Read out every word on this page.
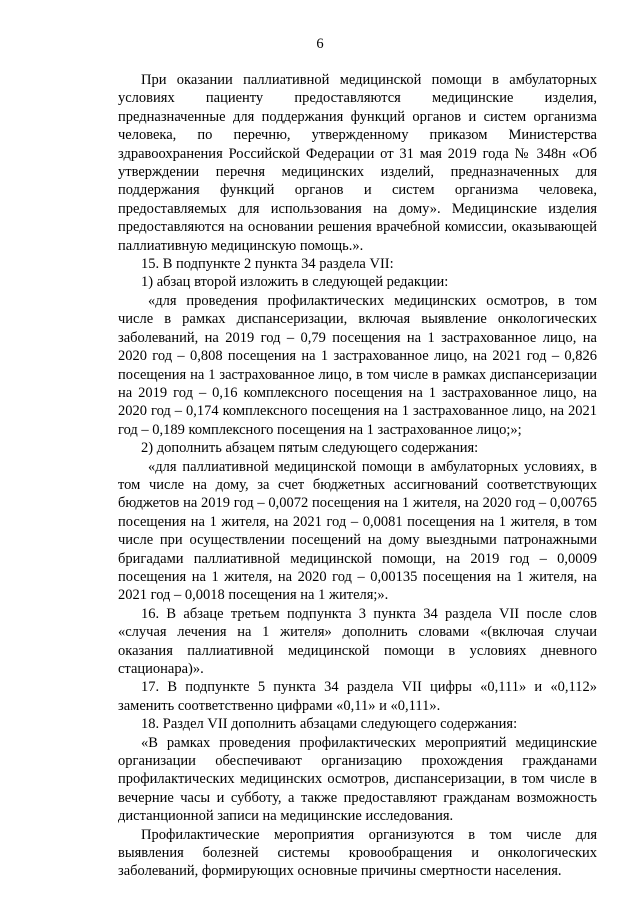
6

При оказании паллиативной медицинской помощи в амбулаторных условиях пациенту предоставляются медицинские изделия, предназначенные для поддержания функций органов и систем организма человека, по перечню, утвержденному приказом Министерства здравоохранения Российской Федерации от 31 мая 2019 года № 348н «Об утверждении перечня медицинских изделий, предназначенных для поддержания функций органов и систем организма человека, предоставляемых для использования на дому». Медицинские изделия предоставляются на основании решения врачебной комиссии, оказывающей паллиативную медицинскую помощь.».

15. В подпункте 2 пункта 34 раздела VII:

1) абзац второй изложить в следующей редакции:

«для проведения профилактических медицинских осмотров, в том числе в рамках диспансеризации, включая выявление онкологических заболеваний, на 2019 год – 0,79 посещения на 1 застрахованное лицо, на 2020 год – 0,808 посещения на 1 застрахованное лицо, на 2021 год – 0,826 посещения на 1 застрахованное лицо, в том числе в рамках диспансеризации на 2019 год – 0,16 комплексного посещения на 1 застрахованное лицо, на 2020 год – 0,174 комплексного посещения на 1 застрахованное лицо, на 2021 год – 0,189 комплексного посещения на 1 застрахованное лицо;»;

2) дополнить абзацем пятым следующего содержания:

«для паллиативной медицинской помощи в амбулаторных условиях, в том числе на дому, за счет бюджетных ассигнований соответствующих бюджетов на 2019 год – 0,0072 посещения на 1 жителя, на 2020 год – 0,00765 посещения на 1 жителя, на 2021 год – 0,0081 посещения на 1 жителя, в том числе при осуществлении посещений на дому выездными патронажными бригадами паллиативной медицинской помощи, на 2019 год – 0,0009 посещения на 1 жителя, на 2020 год – 0,00135 посещения на 1 жителя, на 2021 год – 0,0018 посещения на 1 жителя;».

16. В абзаце третьем подпункта 3 пункта 34 раздела VII после слов «случая лечения на 1 жителя» дополнить словами «(включая случаи оказания паллиативной медицинской помощи в условиях дневного стационара)».

17. В подпункте 5 пункта 34 раздела VII цифры «0,111» и «0,112» заменить соответственно цифрами «0,11» и «0,111».

18. Раздел VII дополнить абзацами следующего содержания:

«В рамках проведения профилактических мероприятий медицинские организации обеспечивают организацию прохождения гражданами профилактических медицинских осмотров, диспансеризации, в том числе в вечерние часы и субботу, а также предоставляют гражданам возможность дистанционной записи на медицинские исследования.

Профилактические мероприятия организуются в том числе для выявления болезней системы кровообращения и онкологических заболеваний, формирующих основные причины смертности населения.
